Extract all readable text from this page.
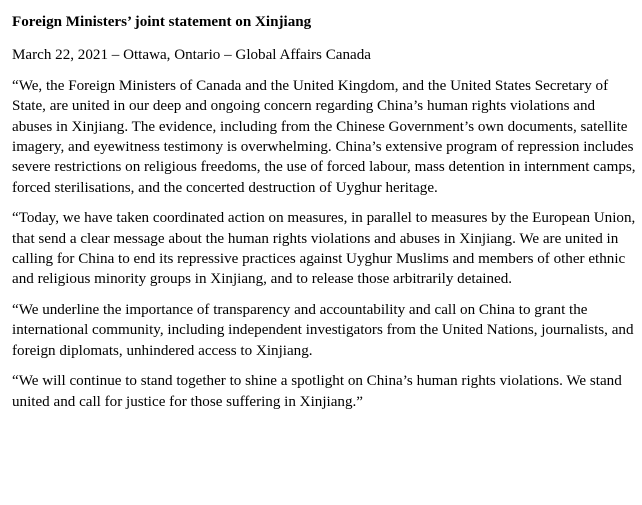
Foreign Ministers’ joint statement on Xinjiang
March 22, 2021 – Ottawa, Ontario – Global Affairs Canada

“We, the Foreign Ministers of Canada and the United Kingdom, and the United States Secretary of State, are united in our deep and ongoing concern regarding China’s human rights violations and abuses in Xinjiang. The evidence, including from the Chinese Government’s own documents, satellite imagery, and eyewitness testimony is overwhelming. China’s extensive program of repression includes severe restrictions on religious freedoms, the use of forced labour, mass detention in internment camps, forced sterilisations, and the concerted destruction of Uyghur heritage.

“Today, we have taken coordinated action on measures, in parallel to measures by the European Union, that send a clear message about the human rights violations and abuses in Xinjiang. We are united in calling for China to end its repressive practices against Uyghur Muslims and members of other ethnic and religious minority groups in Xinjiang, and to release those arbitrarily detained.

“We underline the importance of transparency and accountability and call on China to grant the international community, including independent investigators from the United Nations, journalists, and foreign diplomats, unhindered access to Xinjiang.

“We will continue to stand together to shine a spotlight on China’s human rights violations. We stand united and call for justice for those suffering in Xinjiang.”
